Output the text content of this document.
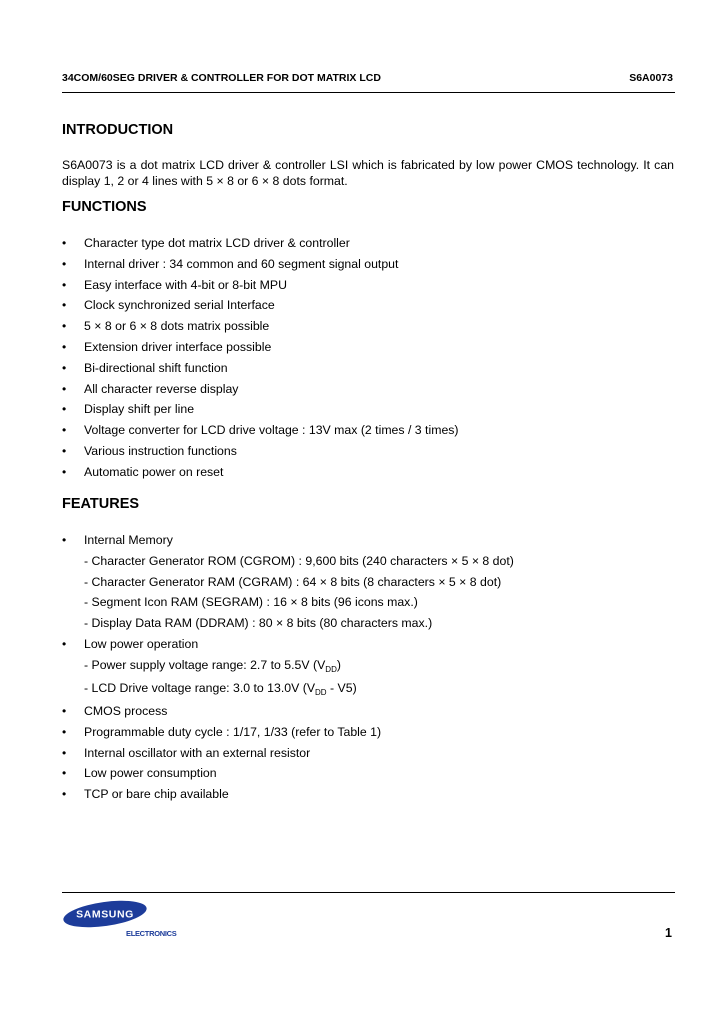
34COM/60SEG DRIVER & CONTROLLER FOR DOT MATRIX LCD	S6A0073
INTRODUCTION

S6A0073 is a dot matrix LCD driver & controller LSI which is fabricated by low power CMOS technology. It can display 1, 2 or 4 lines with 5 × 8 or 6 × 8 dots format.

FUNCTIONS
• Character type dot matrix LCD driver & controller
• Internal driver : 34 common and 60 segment signal output
• Easy interface with 4-bit or 8-bit MPU
• Clock synchronized serial Interface
• 5 × 8 or 6 × 8 dots matrix possible
• Extension driver interface possible
• Bi-directional shift function
• All character reverse display
• Display shift per line
• Voltage converter for LCD drive voltage : 13V max (2 times / 3 times)
• Various instruction functions
• Automatic power on reset
FEATURES
• Internal Memory
- Character Generator ROM (CGROM) : 9,600 bits (240 characters × 5 × 8 dot)
- Character Generator RAM (CGRAM) : 64 × 8 bits (8 characters × 5 × 8 dot)
- Segment Icon RAM (SEGRAM) : 16 × 8 bits (96 icons max.)
- Display Data RAM (DDRAM) : 80 × 8 bits (80 characters max.)
• Low power operation
- Power supply voltage range: 2.7 to 5.5V $(V_{DD})$
- LCD Drive voltage range: 3.0 to 13.0V $(V_{DD} - V5)$
• CMOS process
• Programmable duty cycle : 1/17, 1/33 (refer to Table 1)
• Internal oscillator with an external resistor
• Low power consumption
• TCP or bare chip available
SAMSUNG
ELECTRONICS	1
